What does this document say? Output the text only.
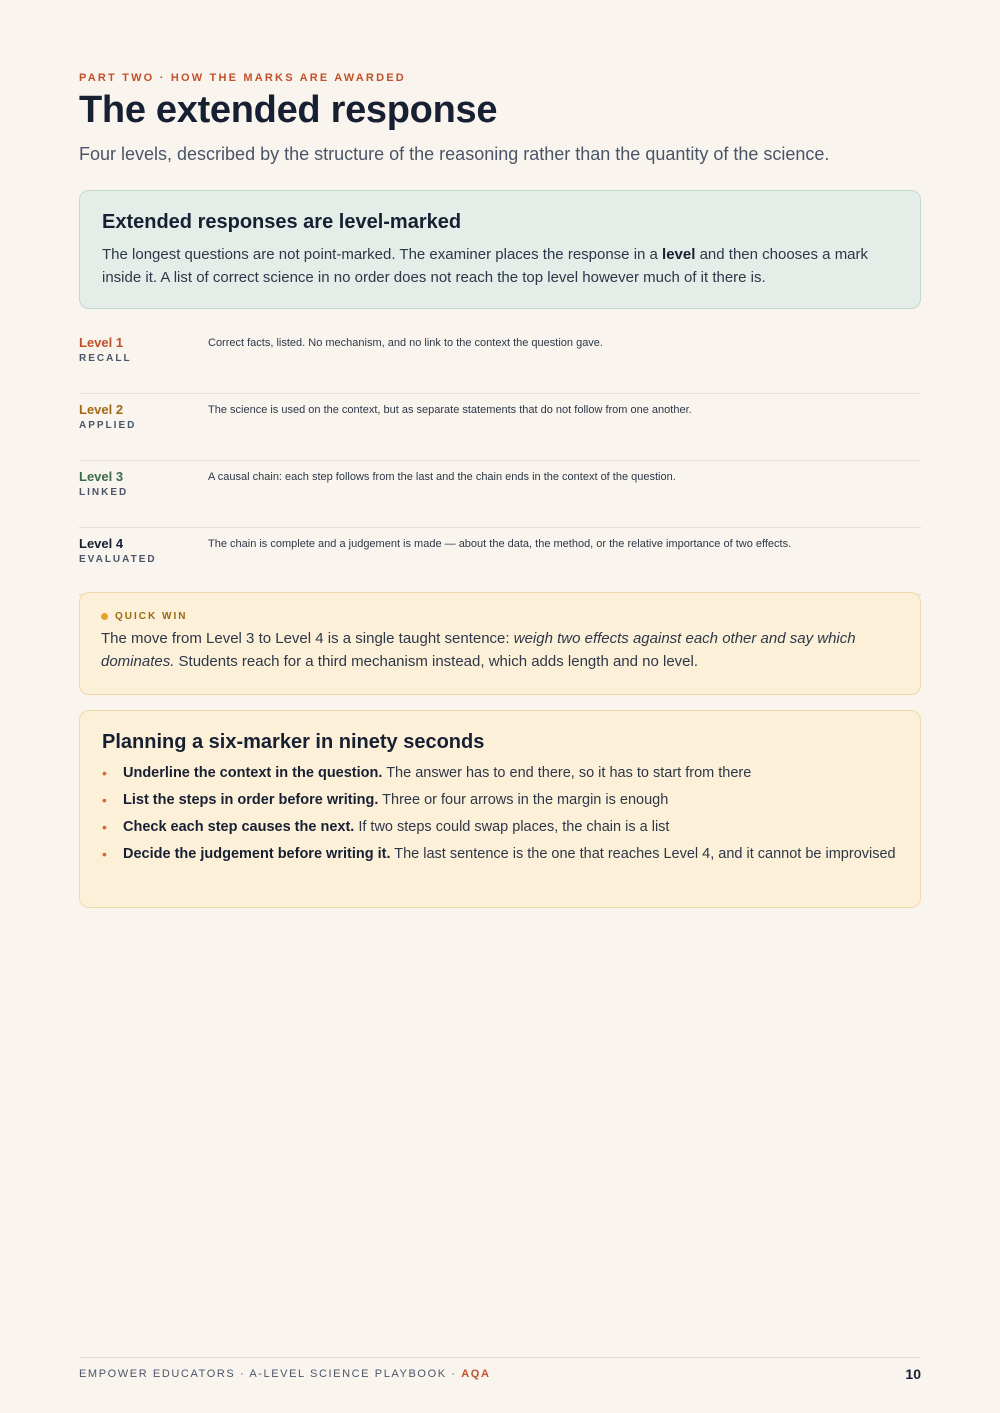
PART TWO · HOW THE MARKS ARE AWARDED
The extended response
Four levels, described by the structure of the reasoning rather than the quantity of the science.
Extended responses are level-marked

The longest questions are not point-marked. The examiner places the response in a level and then chooses a mark inside it. A list of correct science in no order does not reach the top level however much of it there is.

Level 1
RECALL
Correct facts, listed. No mechanism, and no link to the context the question gave.
Level 2
APPLIED
The science is used on the context, but as separate statements that do not follow from one another.
Level 3
LINKED
A causal chain: each step follows from the last and the chain ends in the context of the question.
Level 4
EVALUATED
The chain is complete and a judgement is made — about the data, the method, or the relative importance of two effects.
QUICK WIN

The move from Level 3 to Level 4 is a single taught sentence: weigh two effects against each other and say which dominates. Students reach for a third mechanism instead, which adds length and no level.

Planning a six-marker in ninety seconds
• Underline the context in the question. The answer has to end there, so it has to start from there
• List the steps in order before writing. Three or four arrows in the margin is enough
• Check each step causes the next. If two steps could swap places, the chain is a list
• Decide the judgement before writing it. The last sentence is the one that reaches Level 4, and it cannot be improvised
EMPOWER EDUCATORS · A-LEVEL SCIENCE PLAYBOOK · AQA	10
